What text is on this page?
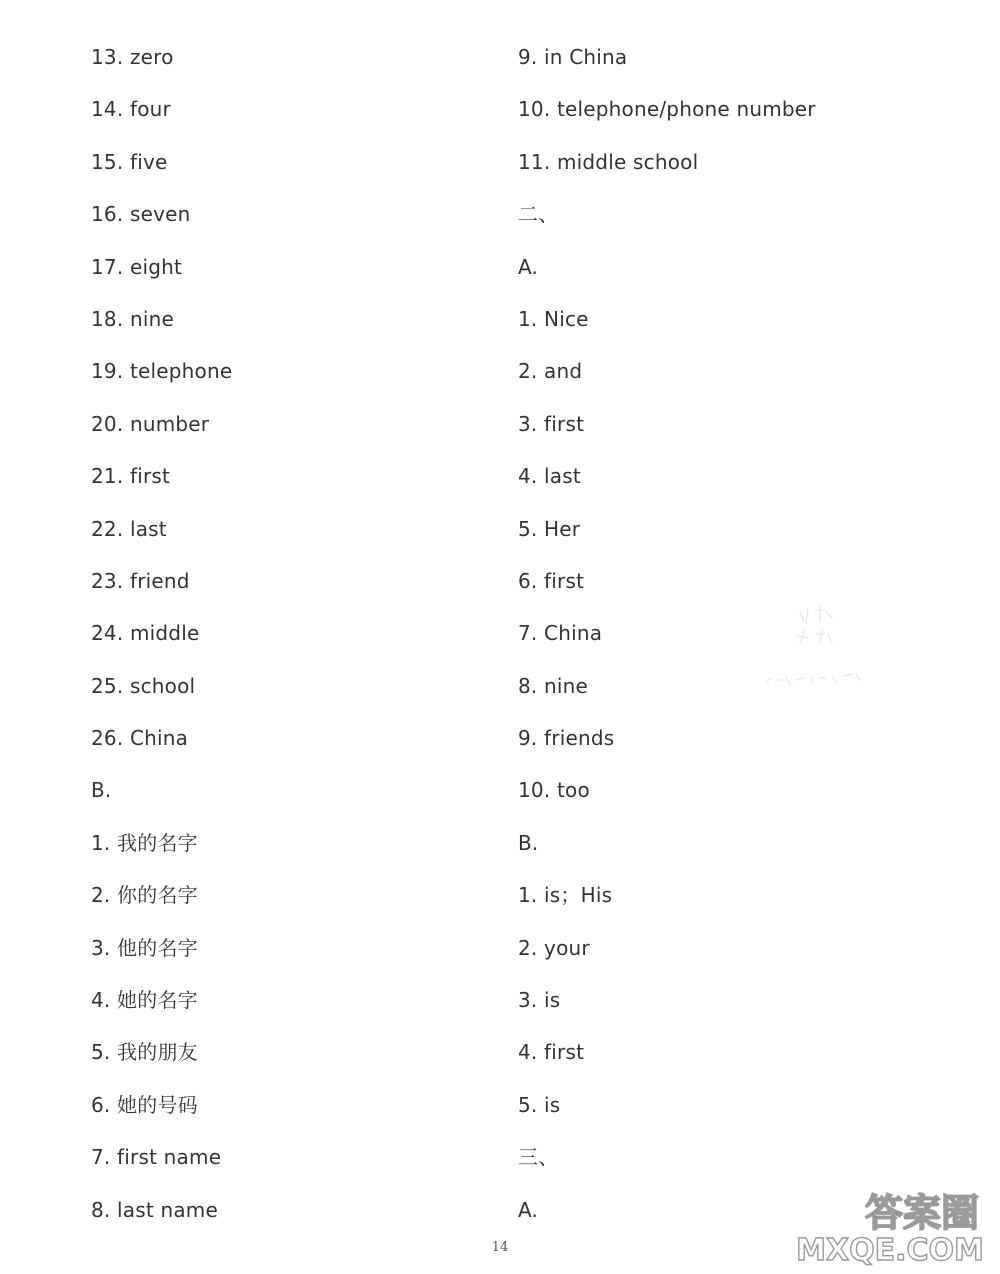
13. zero
14. four
15. five
16. seven
17. eight
18. nine
19. telephone
20. number
21. first
22. last
23. friend
24. middle
25. school
26. China
B.
1. 我的名字
2. 你的名字
3. 他的名字
4. 她的名字
5. 我的朋友
6. 她的号码
7. first name
8. last name
9. in China
10. telephone/phone number
11. middle school
二、
A.
1. Nice
2. and
3. first
4. last
5. Her
6. first
7. China
8. nine
9. friends
10. too
B.
1. is；His
2. your
3. is
4. first
5. is
三、
A.
14
答案圈
MXQE.COM
